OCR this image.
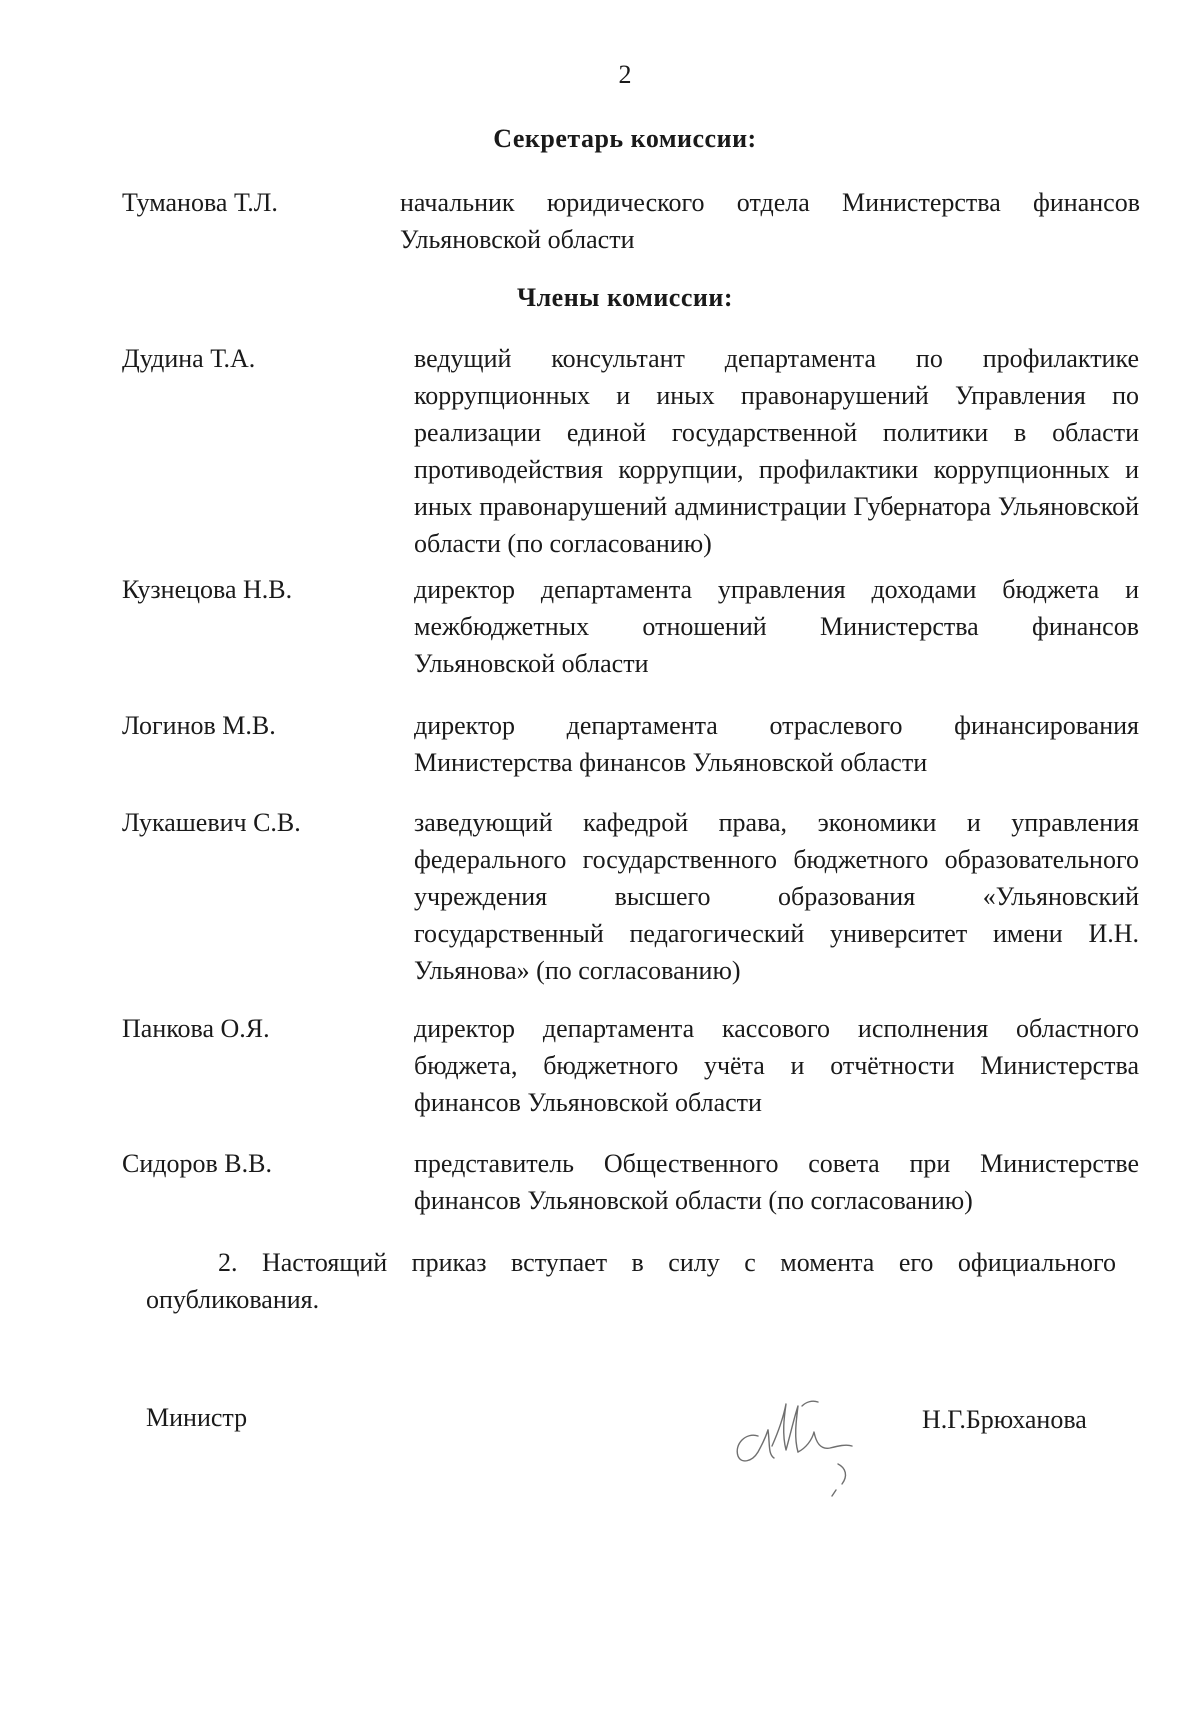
2
Секретарь комиссии:
Туманова Т.Л.	начальник юридического отдела Министерства финансов Ульяновской области
Члены комиссии:
Дудина Т.А.	ведущий консультант департамента по профилактике коррупционных и иных правонарушений Управления по реализации единой государственной политики в области противодействия коррупции, профилактики коррупционных и иных правонарушений администрации Губернатора Ульяновской области (по согласованию)
Кузнецова Н.В.	директор департамента управления доходами бюджета и межбюджетных отношений Министерства финансов Ульяновской области
Логинов М.В.	директор департамента отраслевого финансирования Министерства финансов Ульяновской области
Лукашевич С.В.	заведующий кафедрой права, экономики и управления федерального государственного бюджетного образовательного учреждения высшего образования «Ульяновский государственный педагогический университет имени И.Н. Ульянова» (по согласованию)
Панкова О.Я.	директор департамента кассового исполнения областного бюджета, бюджетного учёта и отчётности Министерства финансов Ульяновской области
Сидоров В.В.	представитель Общественного совета при Министерстве финансов Ульяновской области (по согласованию)
2. Настоящий приказ вступает в силу с момента его официального опубликования.
Министр	Н.Г.Брюханова
